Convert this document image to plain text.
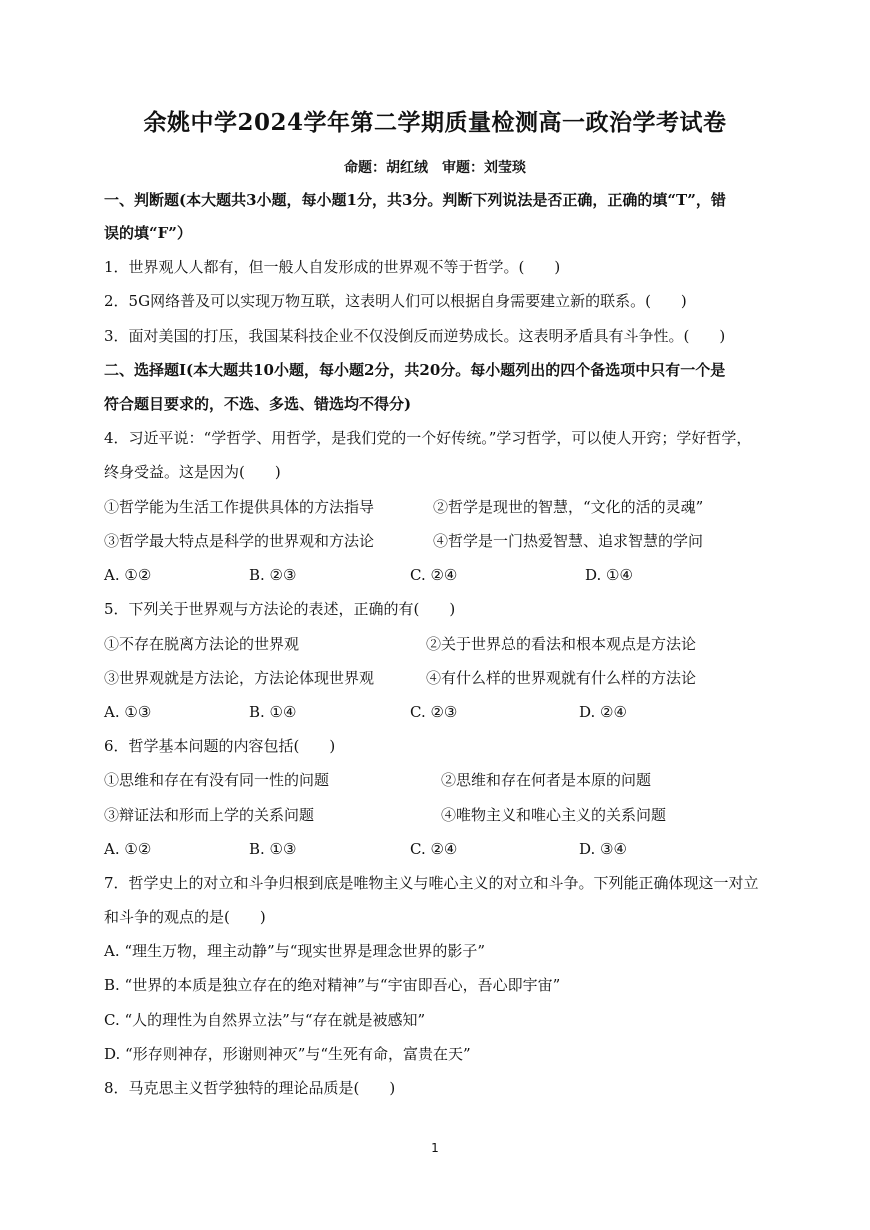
余姚中学2024学年第二学期质量检测高一政治学考试卷
命题：胡红绒 审题：刘莹琰
一、判断题(本大题共3小题，每小题1分，共3分。判断下列说法是否正确，正确的填“T”，错
误的填“F”）
1．世界观人人都有，但一般人自发形成的世界观不等于哲学。(　　)
2．5G网络普及可以实现万物互联，这表明人们可以根据自身需要建立新的联系。(　　)
3．面对美国的打压，我国某科技企业不仅没倒反而逆势成长。这表明矛盾具有斗争性。(　　)
二、选择题Ⅰ(本大题共10小题，每小题2分，共20分。每小题列出的四个备选项中只有一个是
符合题目要求的，不选、多选、错选均不得分)
4．习近平说：“学哲学、用哲学，是我们党的一个好传统。”学习哲学，可以使人开窍；学好哲学，
终身受益。这是因为(　　)
①哲学能为生活工作提供具体的方法指导	②哲学是现世的智慧，“文化的活的灵魂”
③哲学最大特点是科学的世界观和方法论	④哲学是一门热爱智慧、追求智慧的学问
A. ①②	B. ②③	C. ②④	D. ①④
5．下列关于世界观与方法论的表述，正确的有(　　)
①不存在脱离方法论的世界观	②关于世界总的看法和根本观点是方法论
③世界观就是方法论，方法论体现世界观	④有什么样的世界观就有什么样的方法论
A. ①③	B. ①④	C. ②③	D. ②④
6．哲学基本问题的内容包括(　　)
①思维和存在有没有同一性的问题	②思维和存在何者是本原的问题
③辩证法和形而上学的关系问题	④唯物主义和唯心主义的关系问题
A. ①②	B. ①③	C. ②④	D. ③④
7．哲学史上的对立和斗争归根到底是唯物主义与唯心主义的对立和斗争。下列能正确体现这一对立
和斗争的观点的是(　　)
A. “理生万物，理主动静”与“现实世界是理念世界的影子”
B. “世界的本质是独立存在的绝对精神”与“宇宙即吾心，吾心即宇宙”
C. “人的理性为自然界立法”与“存在就是被感知”
D. “形存则神存，形谢则神灭”与“生死有命，富贵在天”
8．马克思主义哲学独特的理论品质是(　　)
1
